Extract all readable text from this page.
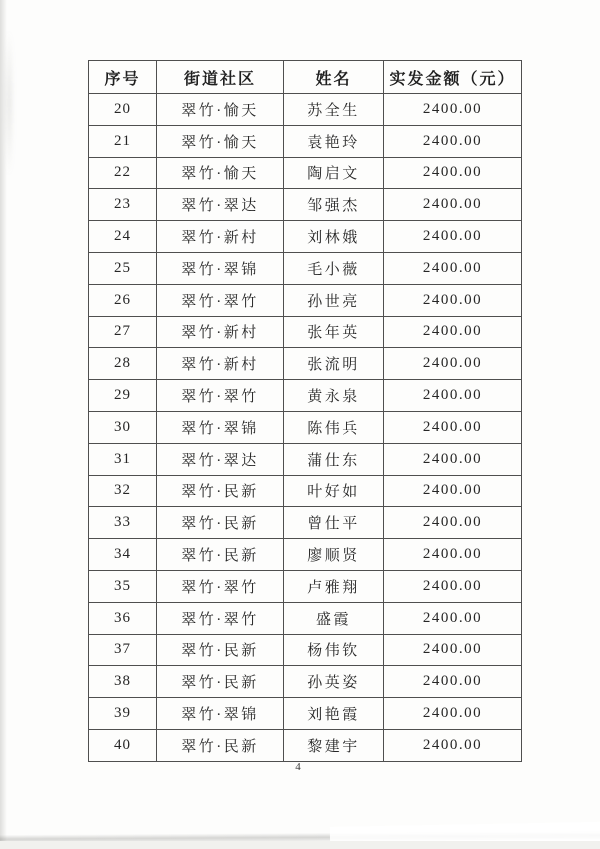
序号	街道社区	姓名	实发金额（元）
20	翠竹·愉天	苏全生	2400.00
21	翠竹·愉天	袁艳玲	2400.00
22	翠竹·愉天	陶启文	2400.00
23	翠竹·翠达	邹强杰	2400.00
24	翠竹·新村	刘林娥	2400.00
25	翠竹·翠锦	毛小薇	2400.00
26	翠竹·翠竹	孙世亮	2400.00
27	翠竹·新村	张年英	2400.00
28	翠竹·新村	张流明	2400.00
29	翠竹·翠竹	黄永泉	2400.00
30	翠竹·翠锦	陈伟兵	2400.00
31	翠竹·翠达	蒲仕东	2400.00
32	翠竹·民新	叶好如	2400.00
33	翠竹·民新	曾仕平	2400.00
34	翠竹·民新	廖顺贤	2400.00
35	翠竹·翠竹	卢雅翔	2400.00
36	翠竹·翠竹	盛霞	2400.00
37	翠竹·民新	杨伟钦	2400.00
38	翠竹·民新	孙英姿	2400.00
39	翠竹·翠锦	刘艳霞	2400.00
40	翠竹·民新	黎建宇	2400.00
4
